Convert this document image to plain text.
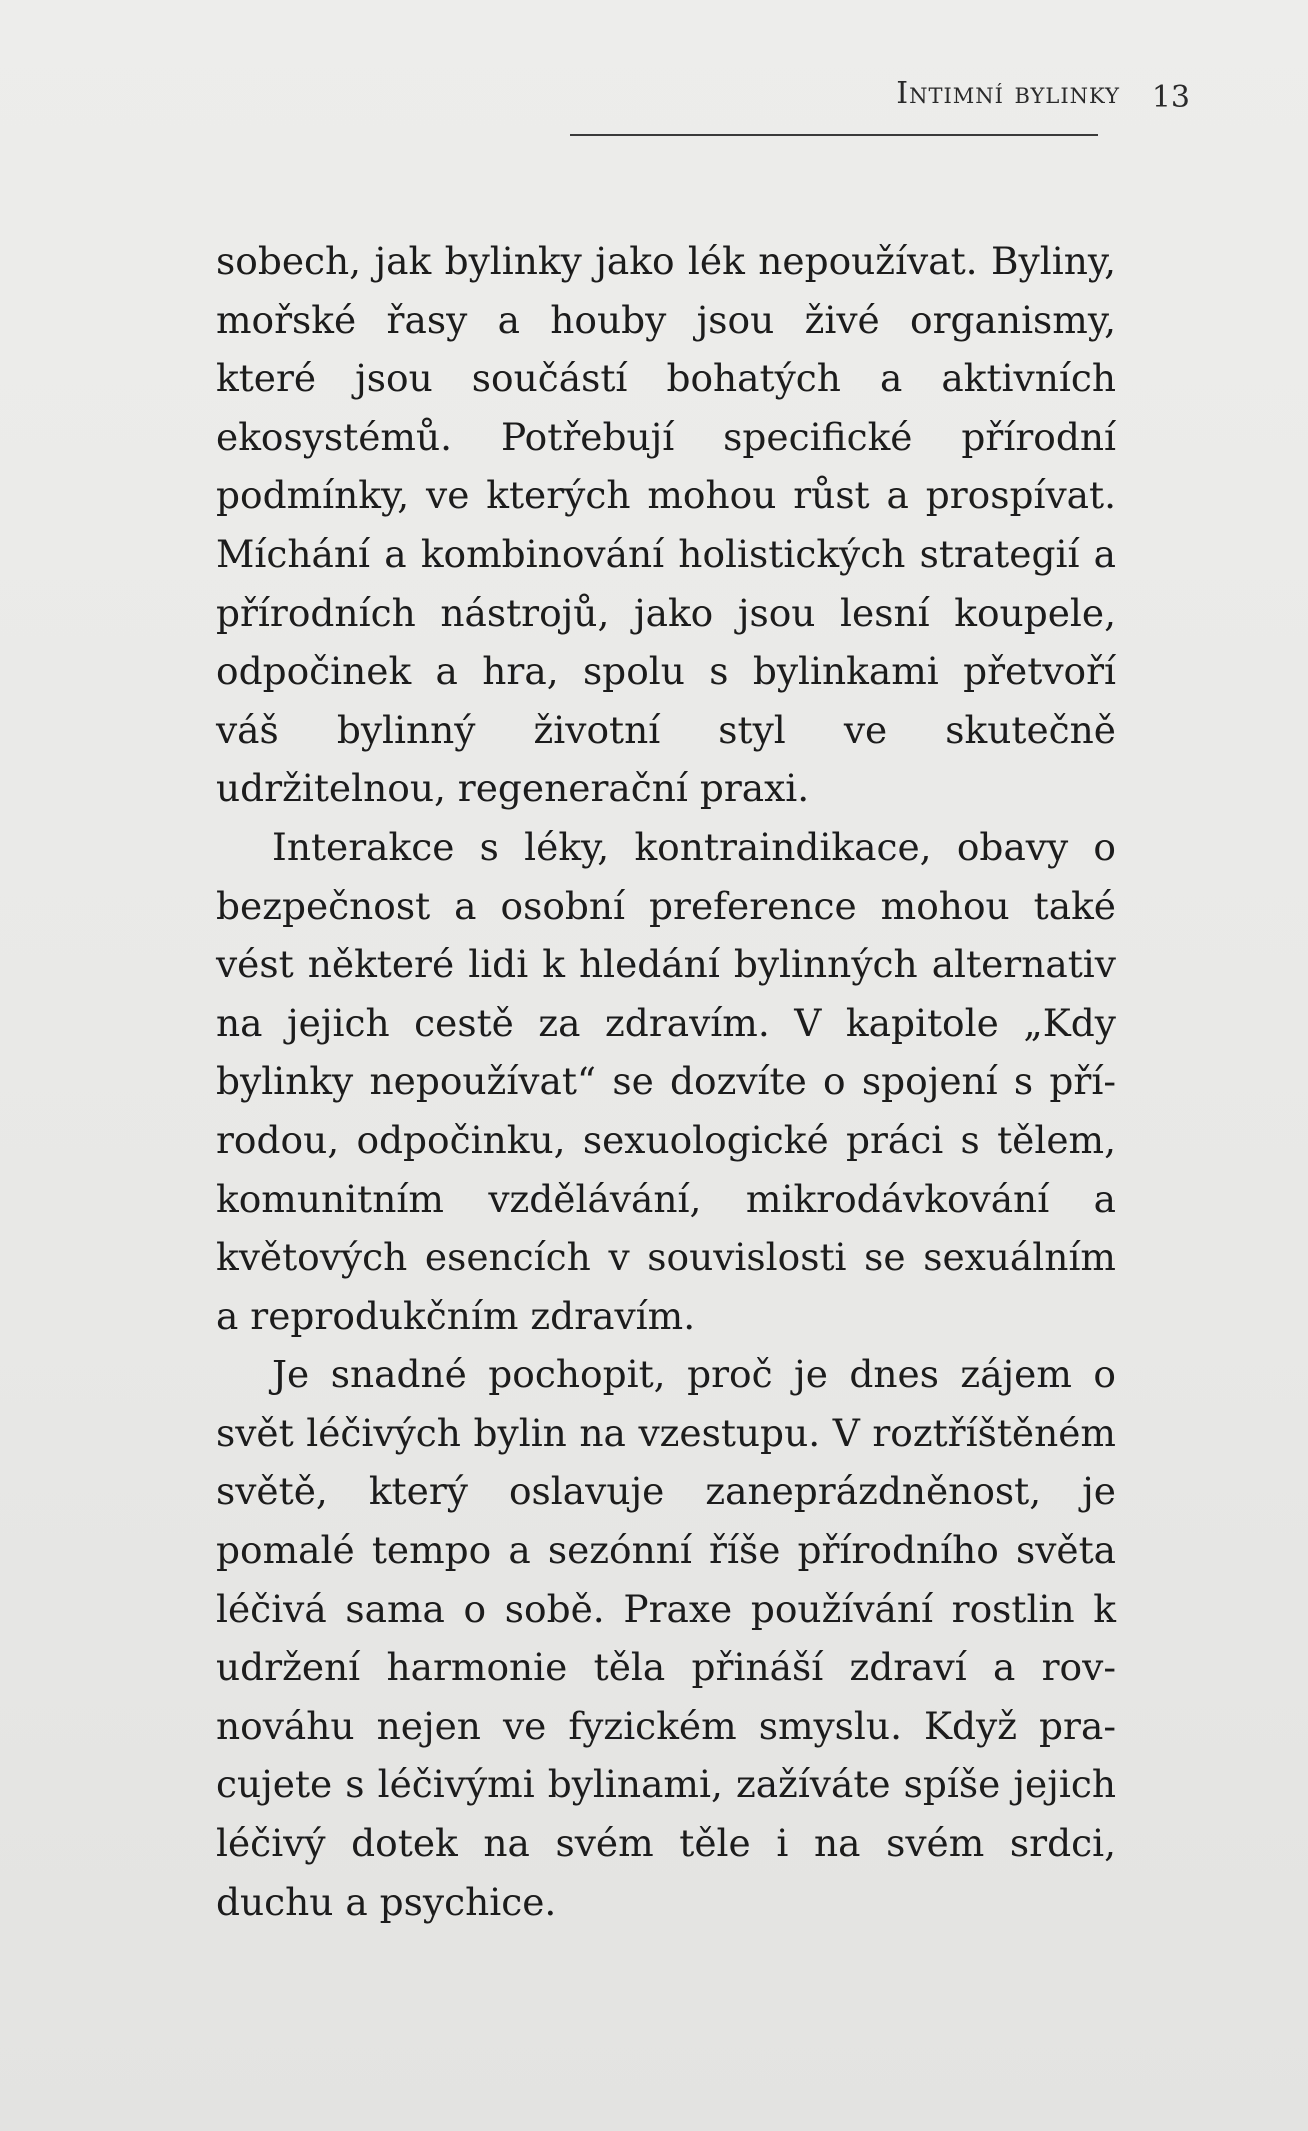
Intimní bylinky 13

sobech, jak bylinky jako lék nepoužívat. Byliny, mořské řasy a houby jsou živé organismy, které jsou součástí bohatých a aktivních ekosystémů. Potřebují specifické přírodní podmínky, ve kterých mohou růst a prospívat. Míchání a kombinování holistických strategií a přírodních nástrojů, jako jsou lesní koupele, odpočinek a hra, spolu s bylinkami přetvoří váš bylinný životní styl ve skutečně udržitelnou, regenerační praxi.

Interakce s léky, kontraindikace, obavy o bezpečnost a osobní preference mohou také vést některé lidi k hledání bylinných alternativ na jejich cestě za zdravím. V kapitole „Kdy bylinky nepoužívat“ se dozvíte o spojení s přírodou, odpočinku, sexuologické práci s tělem, komunitním vzdělávání, mikrodávkování a květových esencích v souvislosti se sexuálním a reprodukčním zdravím.

Je snadné pochopit, proč je dnes zájem o svět léčivých bylin na vzestupu. V roztříštěném světě, který oslavuje zaneprázdněnost, je pomalé tempo a sezónní říše přírodního světa léčivá sama o sobě. Praxe používání rostlin k udržení harmonie těla přináší zdraví a rovnováhu nejen ve fyzickém smyslu. Když pracujete s léčivými bylinami, zažíváte spíše jejich léčivý dotek na svém těle i na svém srdci, duchu a psychice.
